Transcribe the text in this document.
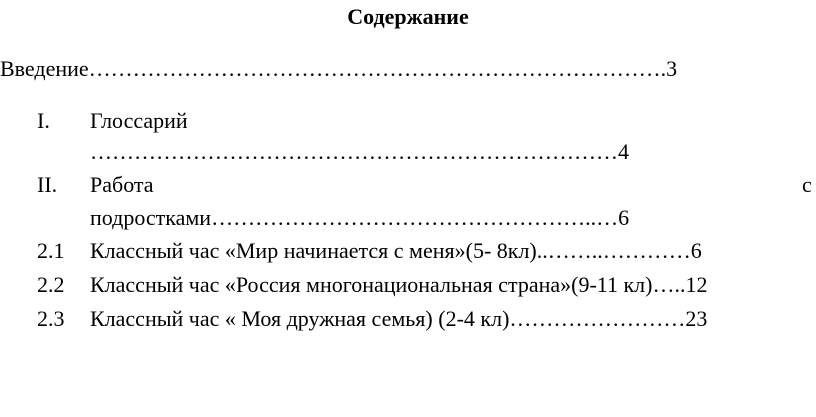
Содержание
Введение…………………………………………………………………….3
I. Глоссарий
………………………………………………………………4
II. Работа	с
подростками……………………………………………..…6
2.1 Классный час «Мир начинается с меня»(5- 8кл)..……..…………6
2.2 Классный час «Россия многонациональная страна»(9-11 кл)…..12
2.3 Классный час « Моя дружная семья) (2-4 кл)……………………23
